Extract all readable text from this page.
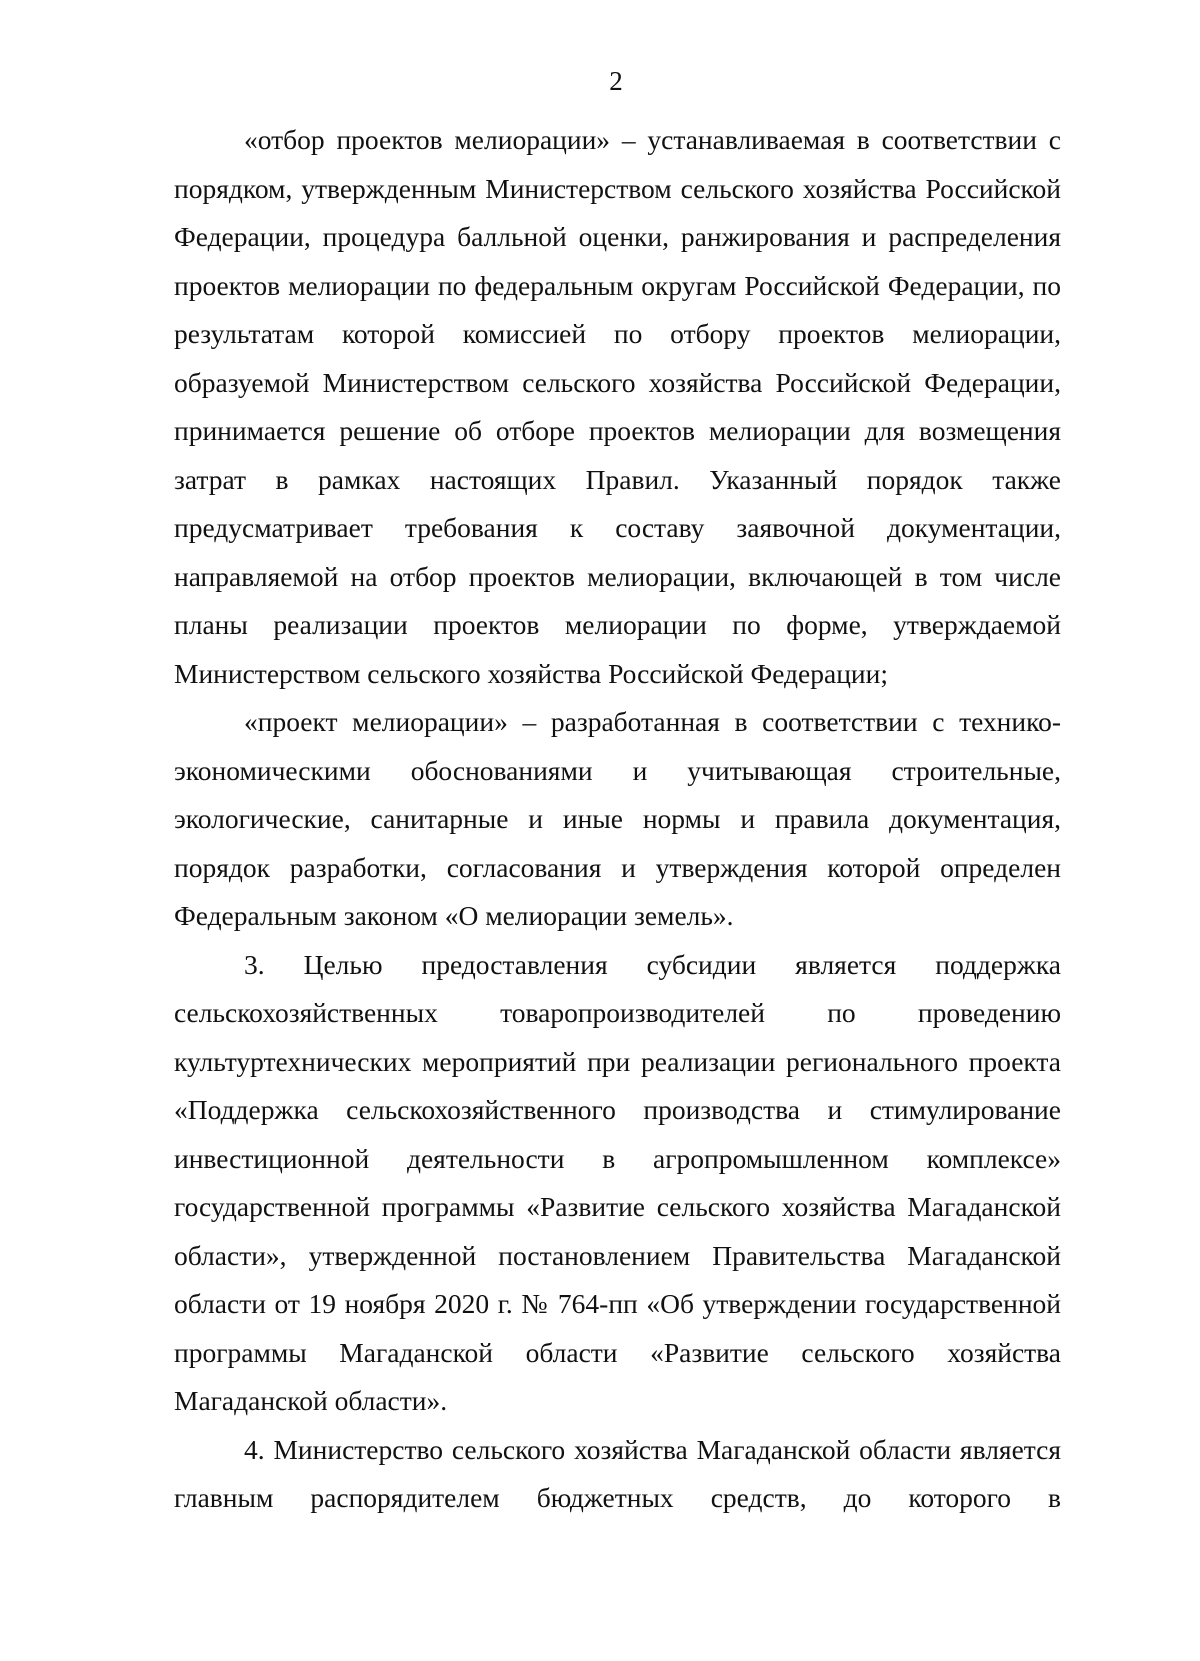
2

«отбор проектов мелиорации» – устанавливаемая в соответствии с порядком, утвержденным Министерством сельского хозяйства Российской Федерации, процедура балльной оценки, ранжирования и распределения проектов мелиорации по федеральным округам Российской Федерации, по результатам которой комиссией по отбору проектов мелиорации, образуемой Министерством сельского хозяйства Российской Федерации, принимается решение об отборе проектов мелиорации для возмещения затрат в рамках настоящих Правил. Указанный порядок также предусматривает требования к составу заявочной документации, направляемой на отбор проектов мелиорации, включающей в том числе планы реализации проектов мелиорации по форме, утверждаемой Министерством сельского хозяйства Российской Федерации;

«проект мелиорации» – разработанная в соответствии с технико-экономическими обоснованиями и учитывающая строительные, экологические, санитарные и иные нормы и правила документация, порядок разработки, согласования и утверждения которой определен Федеральным законом «О мелиорации земель».

3. Целью предоставления субсидии является поддержка сельскохозяйственных товаропроизводителей по проведению культуртехнических мероприятий при реализации регионального проекта «Поддержка сельскохозяйственного производства и стимулирование инвестиционной деятельности в агропромышленном комплексе» государственной программы «Развитие сельского хозяйства Магаданской области», утвержденной постановлением Правительства Магаданской области от 19 ноября 2020 г. № 764-пп «Об утверждении государственной программы Магаданской области «Развитие сельского хозяйства Магаданской области».

4. Министерство сельского хозяйства Магаданской области является главным распорядителем бюджетных средств, до которого в
